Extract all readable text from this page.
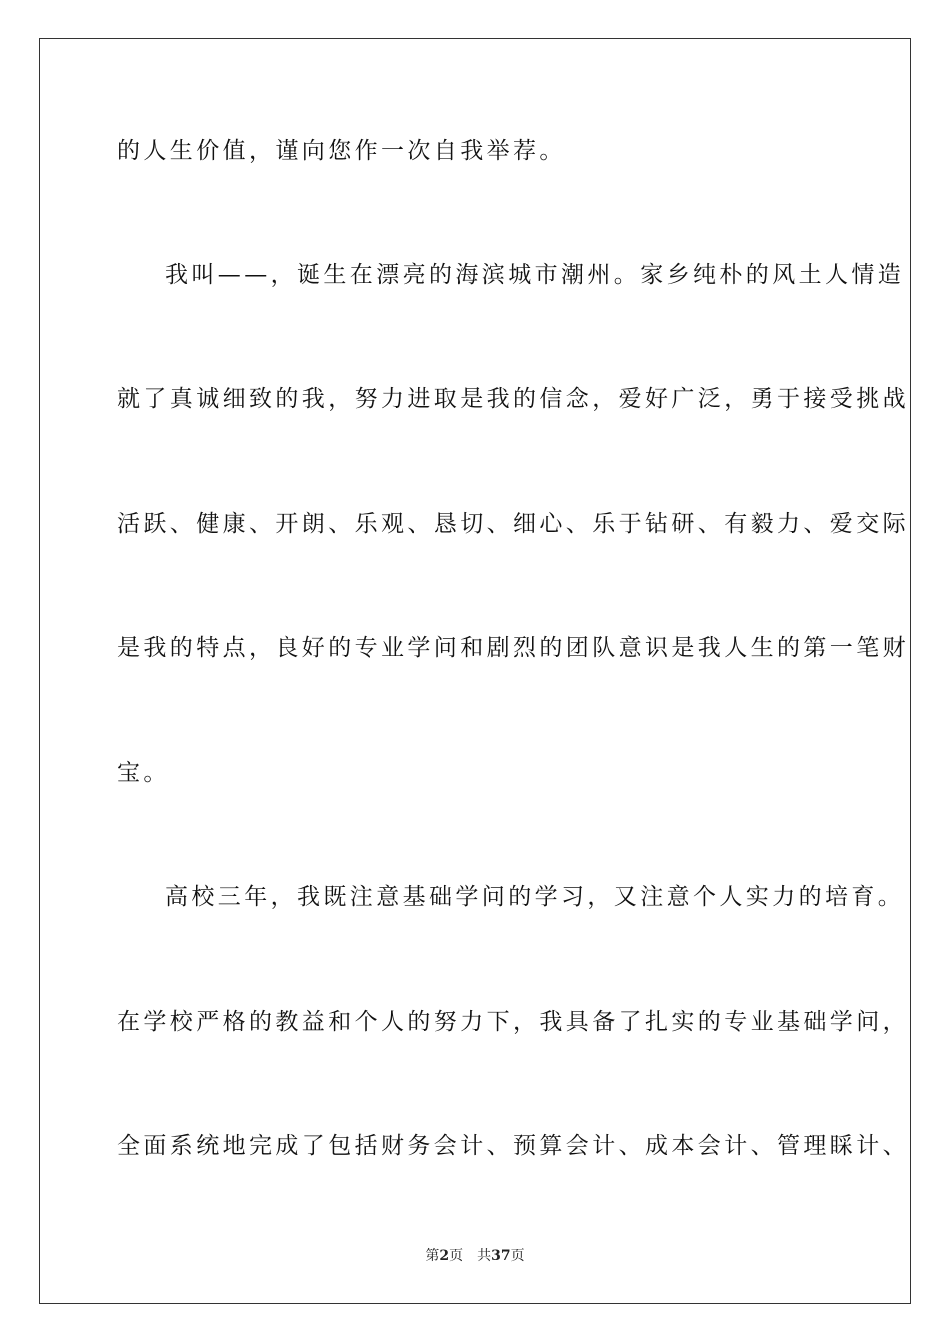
的人生价值，谨向您作一次自我举荐。
我叫——，诞生在漂亮的海滨城市潮州。家乡纯朴的风土人情造
就了真诚细致的我，努力进取是我的信念，爱好广泛，勇于接受挑战
活跃、健康、开朗、乐观、恳切、细心、乐于钻研、有毅力、爱交际
是我的特点，良好的专业学问和剧烈的团队意识是我人生的第一笔财
宝。
高校三年，我既注意基础学问的学习，又注意个人实力的培育。
在学校严格的教益和个人的努力下，我具备了扎实的专业基础学问，
全面系统地完成了包括财务会计、预算会计、成本会计、管理睬计、
第2页 共37页
